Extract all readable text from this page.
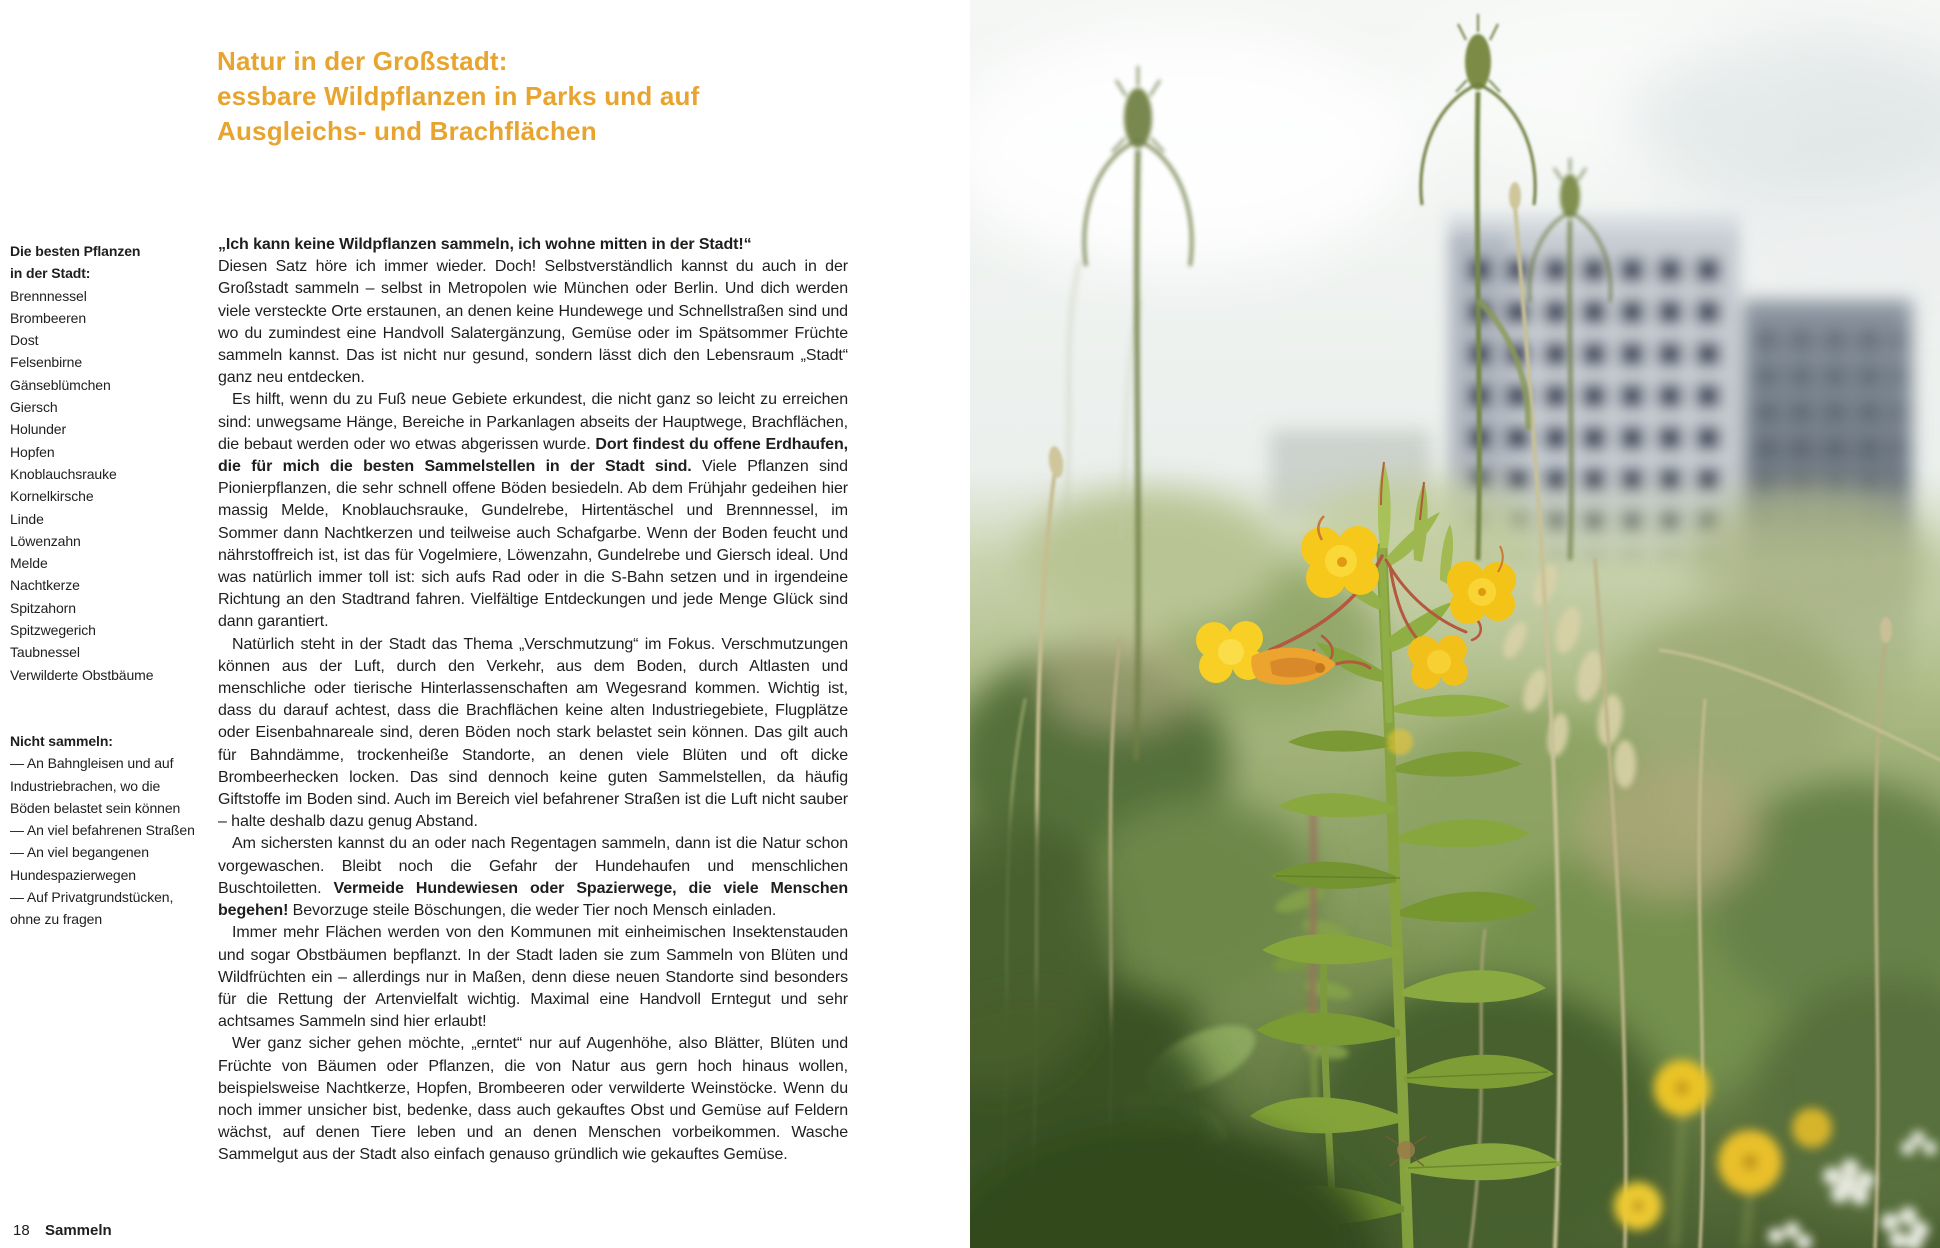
Natur in der Großstadt:
essbare Wildpflanzen in Parks und auf
Ausgleichs- und Brachflächen
Die besten Pflanzen
in der Stadt:
Brennnessel
Brombeeren
Dost
Felsenbirne
Gänseblümchen
Giersch
Holunder
Hopfen
Knoblauchsrauke
Kornelkirsche
Linde
Löwenzahn
Melde
Nachtkerze
Spitzahorn
Spitzwegerich
Taubnessel
Verwilderte Obstbäume
Nicht sammeln:
— An Bahngleisen und auf Industriebrachen, wo die Böden belastet sein können
— An viel befahrenen Straßen
— An viel begangenen Hundespazierwegen
— Auf Privatgrundstücken, ohne zu fragen

„Ich kann keine Wildpflanzen sammeln, ich wohne mitten in der Stadt!“
Diesen Satz höre ich immer wieder. Doch! Selbstverständlich kannst du auch in der Großstadt sammeln – selbst in Metropolen wie München oder Berlin. Und dich werden viele versteckte Orte erstaunen, an denen keine Hundewege und Schnellstraßen sind und wo du zumindest eine Handvoll Salatergänzung, Gemüse oder im Spätsommer Früchte sammeln kannst. Das ist nicht nur gesund, sondern lässt dich den Lebensraum „Stadt“ ganz neu entdecken.

Es hilft, wenn du zu Fuß neue Gebiete erkundest, die nicht ganz so leicht zu erreichen sind: unwegsame Hänge, Bereiche in Parkanlagen abseits der Hauptwege, Brachflächen, die bebaut werden oder wo etwas abgerissen wurde. Dort findest du offene Erdhaufen, die für mich die besten Sammelstellen in der Stadt sind. Viele Pflanzen sind Pionierpflanzen, die sehr schnell offene Böden besiedeln. Ab dem Frühjahr gedeihen hier massig Melde, Knoblauchsrauke, Gundelrebe, Hirtentäschel und Brennnessel, im Sommer dann Nachtkerzen und teilweise auch Schafgarbe. Wenn der Boden feucht und nährstoffreich ist, ist das für Vogelmiere, Löwenzahn, Gundelrebe und Giersch ideal. Und was natürlich immer toll ist: sich aufs Rad oder in die S-Bahn setzen und in irgendeine Richtung an den Stadtrand fahren. Vielfältige Entdeckungen und jede Menge Glück sind dann garantiert.

Natürlich steht in der Stadt das Thema „Verschmutzung“ im Fokus. Verschmutzungen können aus der Luft, durch den Verkehr, aus dem Boden, durch Altlasten und menschliche oder tierische Hinterlassenschaften am Wegesrand kommen. Wichtig ist, dass du darauf achtest, dass die Brachflächen keine alten Industriegebiete, Flugplätze oder Eisenbahnareale sind, deren Böden noch stark belastet sein können. Das gilt auch für Bahndämme, trockenheiße Standorte, an denen viele Blüten und oft dicke Brombeerhecken locken. Das sind dennoch keine guten Sammelstellen, da häufig Giftstoffe im Boden sind. Auch im Bereich viel befahrener Straßen ist die Luft nicht sauber – halte deshalb dazu genug Abstand.

Am sichersten kannst du an oder nach Regentagen sammeln, dann ist die Natur schon vorgewaschen. Bleibt noch die Gefahr der Hundehaufen und menschlichen Buschtoiletten. Vermeide Hundewiesen oder Spazierwege, die viele Menschen begehen! Bevorzuge steile Böschungen, die weder Tier noch Mensch einladen.

Immer mehr Flächen werden von den Kommunen mit einheimischen Insektenstauden und sogar Obstbäumen bepflanzt. In der Stadt laden sie zum Sammeln von Blüten und Wildfrüchten ein – allerdings nur in Maßen, denn diese neuen Standorte sind besonders für die Rettung der Artenvielfalt wichtig. Maximal eine Handvoll Erntegut und sehr achtsames Sammeln sind hier erlaubt!

Wer ganz sicher gehen möchte, „erntet“ nur auf Augenhöhe, also Blätter, Blüten und Früchte von Bäumen oder Pflanzen, die von Natur aus gern hoch hinaus wollen, beispielsweise Nachtkerze, Hopfen, Brombeeren oder verwilderte Weinstöcke. Wenn du noch immer unsicher bist, bedenke, dass auch gekauftes Obst und Gemüse auf Feldern wächst, auf denen Tiere leben und an denen Menschen vorbeikommen. Wasche Sammelgut aus der Stadt also einfach genauso gründlich wie gekauftes Gemüse.

18 Sammeln
